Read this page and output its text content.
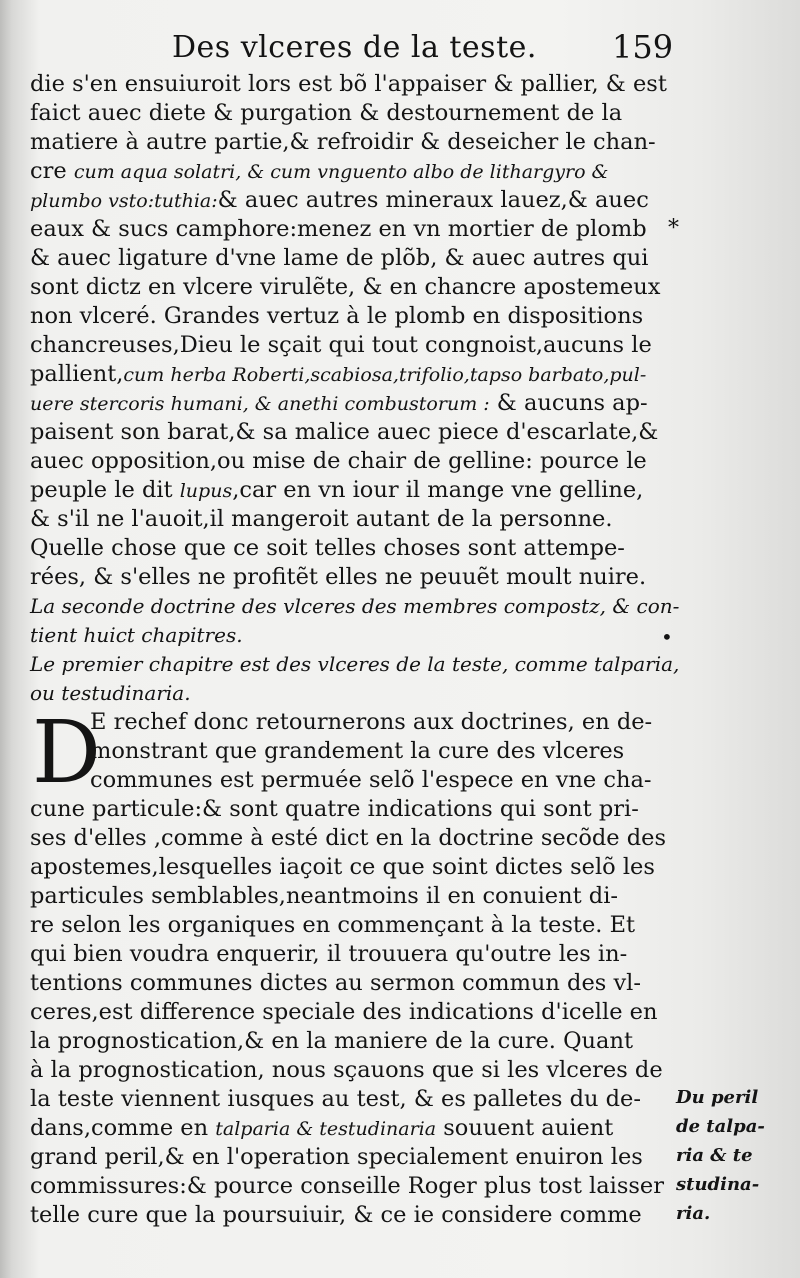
Des vlceres de la teste. 159
die s'en ensuiuroit lors est bõ l'appaiser & pallier, & est
faict auec diete & purgation & destournement de la
matiere à autre partie,& refroidir & deseicher le chan-
cre cum aqua solatri, & cum vnguento albo de lithargyro &
plumbo vsto:tuthia:& auec autres mineraux lauez,& auec
eaux & sucs camphore:menez en vn mortier de plomb
& auec ligature d'vne lame de plõb, & auec autres qui
sont dictz en vlcere virulẽte, & en chancre apostemeux
non vlceré. Grandes vertuz à le plomb en dispositions
chancreuses,Dieu le sçait qui tout congnoist,aucuns le
pallient,cum herba Roberti,scabiosa,trifolio,tapso barbato,pul-
uere stercoris humani, & anethi combustorum : & aucuns ap-
paisent son barat,& sa malice auec piece d'escarlate,&
auec opposition,ou mise de chair de gelline: pource le
peuple le dit lupus,car en vn iour il mange vne gelline,
& s'il ne l'auoit,il mangeroit autant de la personne.
Quelle chose que ce soit telles choses sont attempe-
rées, & s'elles ne profitẽt elles ne peuuẽt moult nuire.
La seconde doctrine des vlceres des membres compostz, & con-
tient huict chapitres.
Le premier chapitre est des vlceres de la teste, comme talparia,
ou testudinaria.
D
E rechef donc retournerons aux doctrines, en de-
monstrant que grandement la cure des vlceres
communes est permuée selõ l'espece en vne cha-
cune particule:& sont quatre indications qui sont pri-
ses d'elles ,comme à esté dict en la doctrine secõde des
apostemes,lesquelles iaçoit ce que soint dictes selõ les
particules semblables,neantmoins il en conuient di-
re selon les organiques en commençant à la teste. Et
qui bien voudra enquerir, il trouuera qu'outre les in-
tentions communes dictes au sermon commun des vl-
ceres,est difference speciale des indications d'icelle en
la prognostication,& en la maniere de la cure. Quant
à la prognostication, nous sçauons que si les vlceres de
la teste viennent iusques au test, & es palletes du de-
dans,comme en talparia & testudinaria souuent auient
grand peril,& en l'operation specialement enuiron les
commissures:& pource conseille Roger plus tost laisser
telle cure que la poursuiuir, & ce ie considere comme
*
•
Du peril
de talpa-
ria & te
studina-
ria.
